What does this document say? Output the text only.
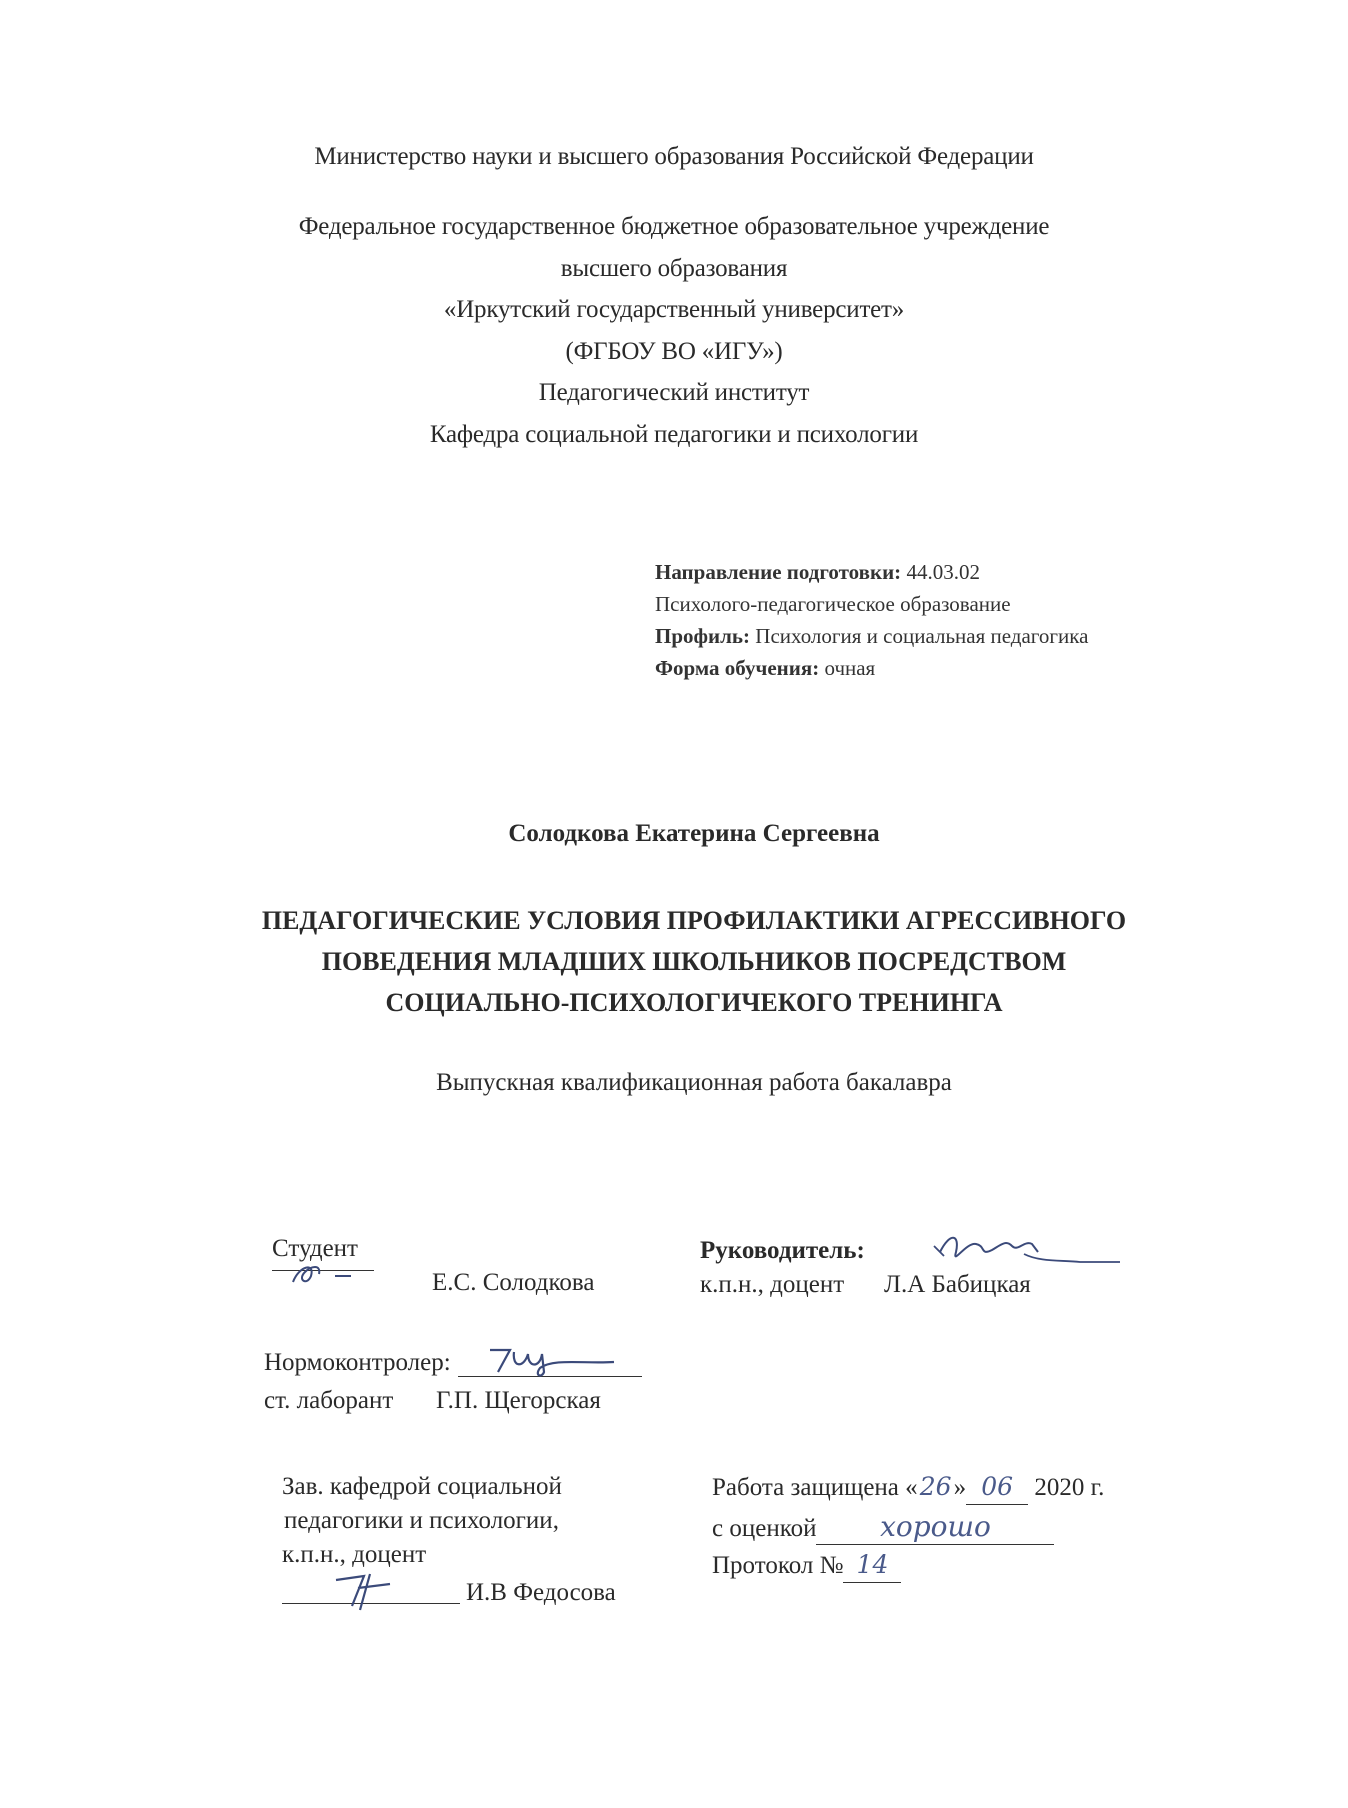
Министерство науки и высшего образования Российской Федерации
Федеральное государственное бюджетное образовательное учреждение
высшего образования
«Иркутский государственный университет»
(ФГБОУ ВО «ИГУ»)
Педагогический институт
Кафедра социальной педагогики и психологии
Направление подготовки: 44.03.02
Психолого-педагогическое образование
Профиль: Психология и социальная педагогика
Форма обучения: очная
Солодкова Екатерина Сергеевна
ПЕДАГОГИЧЕСКИЕ УСЛОВИЯ ПРОФИЛАКТИКИ АГРЕССИВНОГО
ПОВЕДЕНИЯ МЛАДШИХ ШКОЛЬНИКОВ ПОСРЕДСТВОМ
СОЦИАЛЬНО-ПСИХОЛОГИЧЕКОГО ТРЕНИНГА
Выпускная квалификационная работа бакалавра
Студент
Е.С. Солодкова
Руководитель:
к.п.н., доцент Л.А Бабицкая
Нормоконтролер:
ст. лаборант Г.П. Щегорская
Зав. кафедрой социальной
педагогики и психологии,
к.п.н., доцент
И.В Федосова
Работа защищена «26» 06 2020 г.
с оценкой хорошо
Протокол № 14
